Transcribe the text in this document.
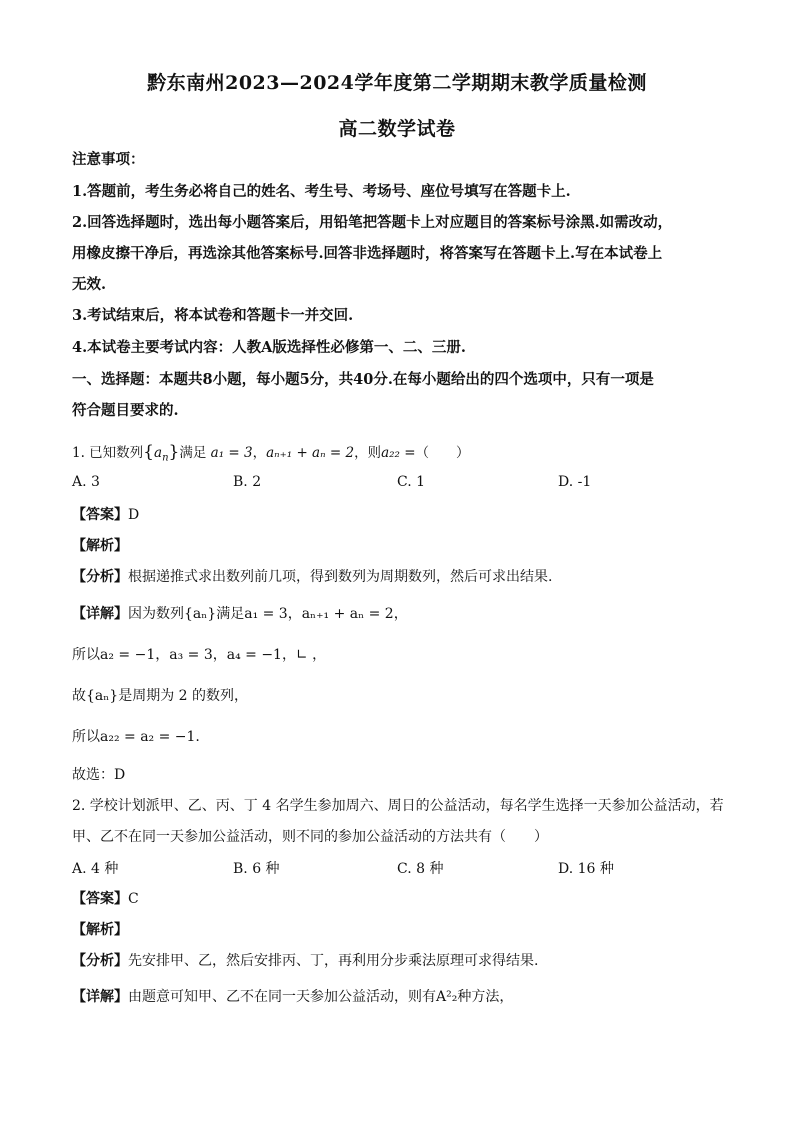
黔东南州2023—2024学年度第二学期期末教学质量检测
高二数学试卷
注意事项：
1.答题前，考生务必将自己的姓名、考生号、考场号、座位号填写在答题卡上.
2.回答选择题时，选出每小题答案后，用铅笔把答题卡上对应题目的答案标号涂黑.如需改动，
用橡皮擦干净后，再选涂其他答案标号.回答非选择题时，将答案写在答题卡上.写在本试卷上
无效.
3.考试结束后，将本试卷和答题卡一并交回.
4.本试卷主要考试内容：人教A版选择性必修第一、二、三册.
一、选择题：本题共8小题，每小题5分，共40分.在每小题给出的四个选项中，只有一项是
符合题目要求的.
1. 已知数列$\{a_n\}$满足 a₁ = 3，aₙ₊₁ + aₙ = 2，则a₂₂ =（　　）
A. 3	B. 2	C. 1	D. -1
【答案】D
【解析】
【分析】根据递推式求出数列前几项，得到数列为周期数列，然后可求出结果.
【详解】因为数列{aₙ}满足a₁ = 3，aₙ₊₁ + aₙ = 2，
所以a₂ = −1，a₃ = 3，a₄ = −1，∟ ，
故{aₙ}是周期为 2 的数列，
所以a₂₂ = a₂ = −1.
故选：D
2. 学校计划派甲、乙、丙、丁 4 名学生参加周六、周日的公益活动，每名学生选择一天参加公益活动，若
甲、乙不在同一天参加公益活动，则不同的参加公益活动的方法共有（　　）
A. 4 种	B. 6 种	C. 8 种	D. 16 种
【答案】C
【解析】
【分析】先安排甲、乙，然后安排丙、丁，再利用分步乘法原理可求得结果.
【详解】由题意可知甲、乙不在同一天参加公益活动，则有A²₂种方法，
